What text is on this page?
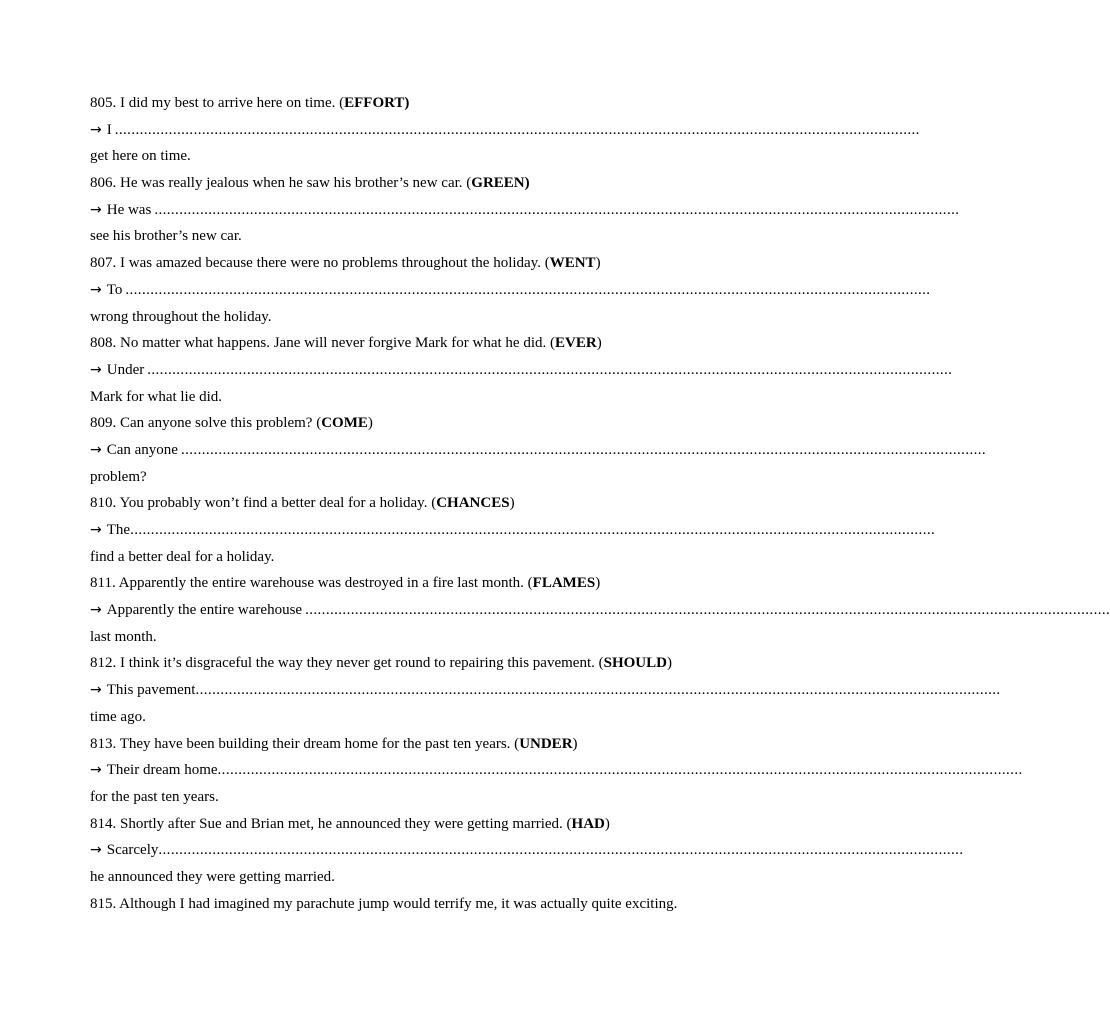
805. I did my best to arrive here on time. (EFFORT)
→ I ..................................................................................................................................................................................................
get here on time.
806. He was really jealous when he saw his brother’s new car. (GREEN)
→ He was ..................................................................................................................................................................................................
see his brother’s new car.
807. I was amazed because there were no problems throughout the holiday. (WENT)
→ To ..................................................................................................................................................................................................
wrong throughout the holiday.
808. No matter what happens. Jane will never forgive Mark for what he did. (EVER)
→ Under ..................................................................................................................................................................................................
Mark for what lie did.
809. Can anyone solve this problem? (COME)
→ Can anyone ..................................................................................................................................................................................................
problem?
810. You probably won’t find a better deal for a holiday. (CHANCES)
→ The ..................................................................................................................................................................................................
find a better deal for a holiday.
811. Apparently the entire warehouse was destroyed in a fire last month. (FLAMES)
→ Apparently the entire warehouse ..................................................................................................................................................................................................
last month.
812. I think it’s disgraceful the way they never get round to repairing this pavement. (SHOULD)
→ This pavement ..................................................................................................................................................................................................
time ago.
813. They have been building their dream home for the past ten years. (UNDER)
→ Their dream home ..................................................................................................................................................................................................
for the past ten years.
814. Shortly after Sue and Brian met, he announced they were getting married. (HAD)
→ Scarcely ..................................................................................................................................................................................................
he announced they were getting married.
815. Although I had imagined my parachute jump would terrify me, it was actually quite exciting.
